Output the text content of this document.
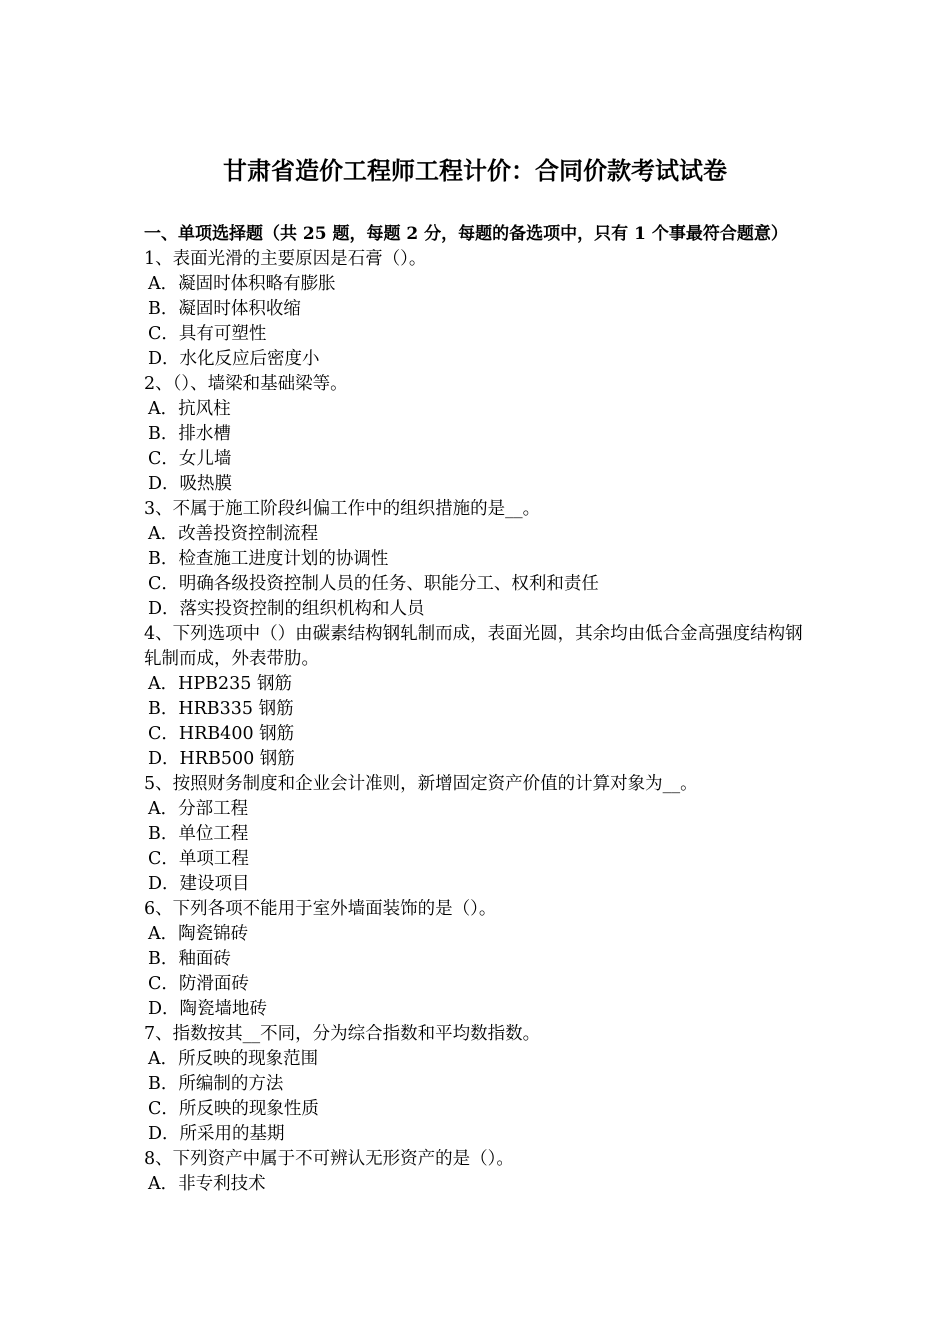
甘肃省造价工程师工程计价：合同价款考试试卷

一、单项选择题（共 25 题，每题 2 分，每题的备选项中，只有 1 个事最符合题意）

1、表面光滑的主要原因是石膏（）。

A．凝固时体积略有膨胀

B．凝固时体积收缩

C．具有可塑性

D．水化反应后密度小

2、（）、墙梁和基础梁等。

A．抗风柱

B．排水槽

C．女儿墙

D．吸热膜

3、不属于施工阶段纠偏工作中的组织措施的是__。

A．改善投资控制流程

B．检查施工进度计划的协调性

C．明确各级投资控制人员的任务、职能分工、权利和责任

D．落实投资控制的组织机构和人员

4、下列选项中（）由碳素结构钢轧制而成，表面光圆，其余均由低合金高强度结构钢轧制而成，外表带肋。

A．HPB235 钢筋

B．HRB335 钢筋

C．HRB400 钢筋

D．HRB500 钢筋

5、按照财务制度和企业会计准则，新增固定资产价值的计算对象为__。

A．分部工程

B．单位工程

C．单项工程

D．建设项目

6、下列各项不能用于室外墙面装饰的是（）。

A．陶瓷锦砖

B．釉面砖

C．防滑面砖

D．陶瓷墙地砖

7、指数按其__不同，分为综合指数和平均数指数。

A．所反映的现象范围

B．所编制的方法

C．所反映的现象性质

D．所采用的基期

8、下列资产中属于不可辨认无形资产的是（）。

A．非专利技术
